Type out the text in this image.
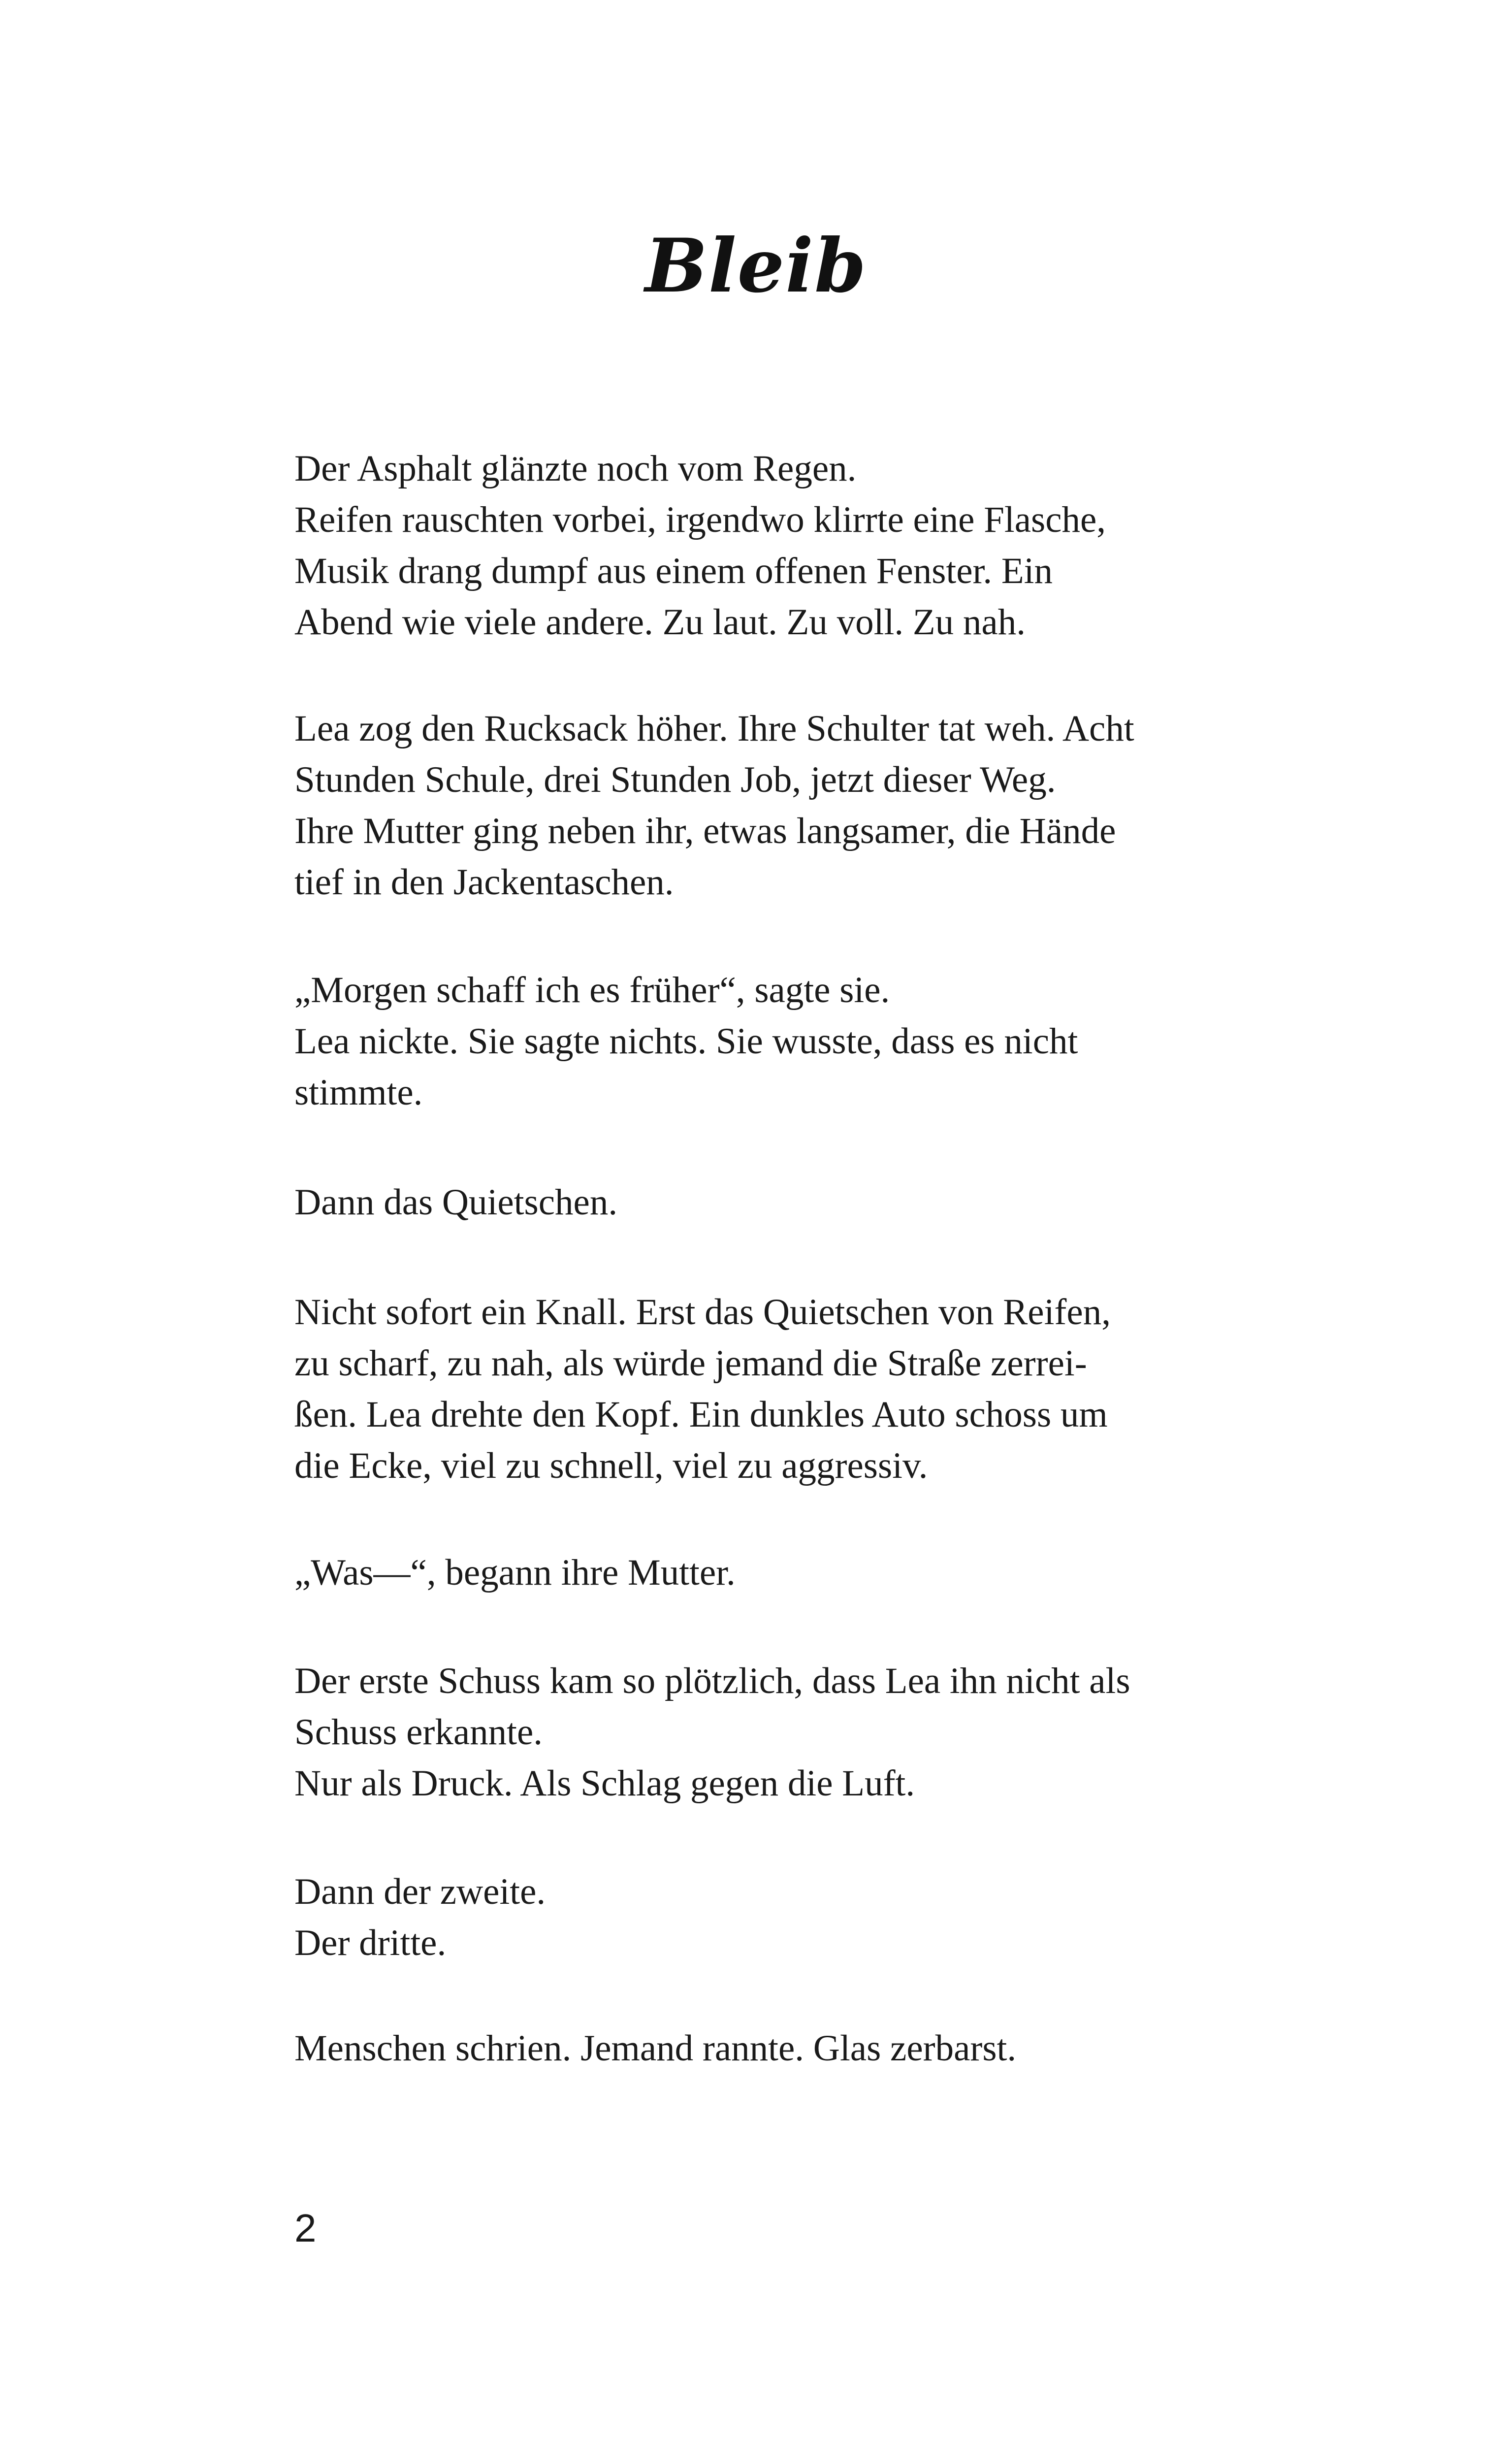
Bleib

Der Asphalt glänzte noch vom Regen.
Reifen rauschten vorbei, irgendwo klirrte eine Flasche,
Musik drang dumpf aus einem offenen Fenster. Ein
Abend wie viele andere. Zu laut. Zu voll. Zu nah.

Lea zog den Rucksack höher. Ihre Schulter tat weh. Acht
Stunden Schule, drei Stunden Job, jetzt dieser Weg.
Ihre Mutter ging neben ihr, etwas langsamer, die Hände
tief in den Jackentaschen.

„Morgen schaff ich es früher“, sagte sie.
Lea nickte. Sie sagte nichts. Sie wusste, dass es nicht
stimmte.

Dann das Quietschen.

Nicht sofort ein Knall. Erst das Quietschen von Reifen,
zu scharf, zu nah, als würde jemand die Straße zerrei-
ßen. Lea drehte den Kopf. Ein dunkles Auto schoss um
die Ecke, viel zu schnell, viel zu aggressiv.

„Was—“, begann ihre Mutter.

Der erste Schuss kam so plötzlich, dass Lea ihn nicht als
Schuss erkannte.
Nur als Druck. Als Schlag gegen die Luft.

Dann der zweite.
Der dritte.

Menschen schrien. Jemand rannte. Glas zerbarst.

2
